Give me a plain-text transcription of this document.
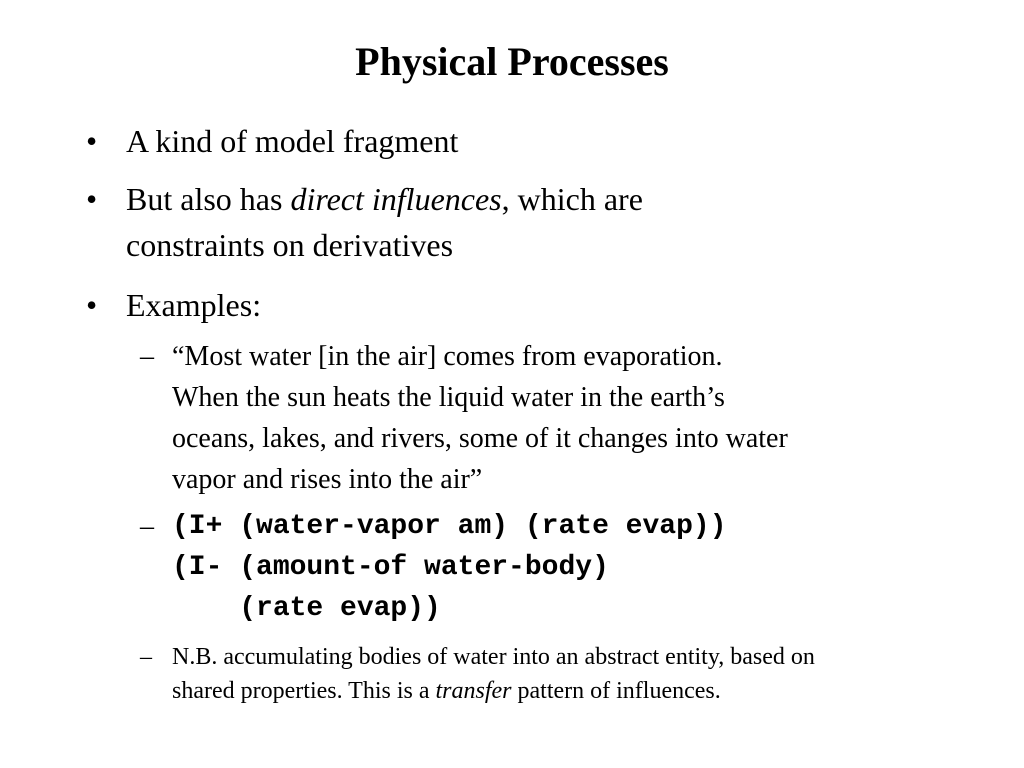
Physical Processes
• A kind of model fragment
• But also has direct influences, which are
constraints on derivatives
• Examples:
– “Most water [in the air] comes from evaporation.
When the sun heats the liquid water in the earth’s
oceans, lakes, and rivers, some of it changes into water
vapor and rises into the air”
– (I+ (water-vapor am) (rate evap))
(I- (amount-of water-body)
(rate evap))
– N.B. accumulating bodies of water into an abstract entity, based on
shared properties. This is a transfer pattern of influences.
